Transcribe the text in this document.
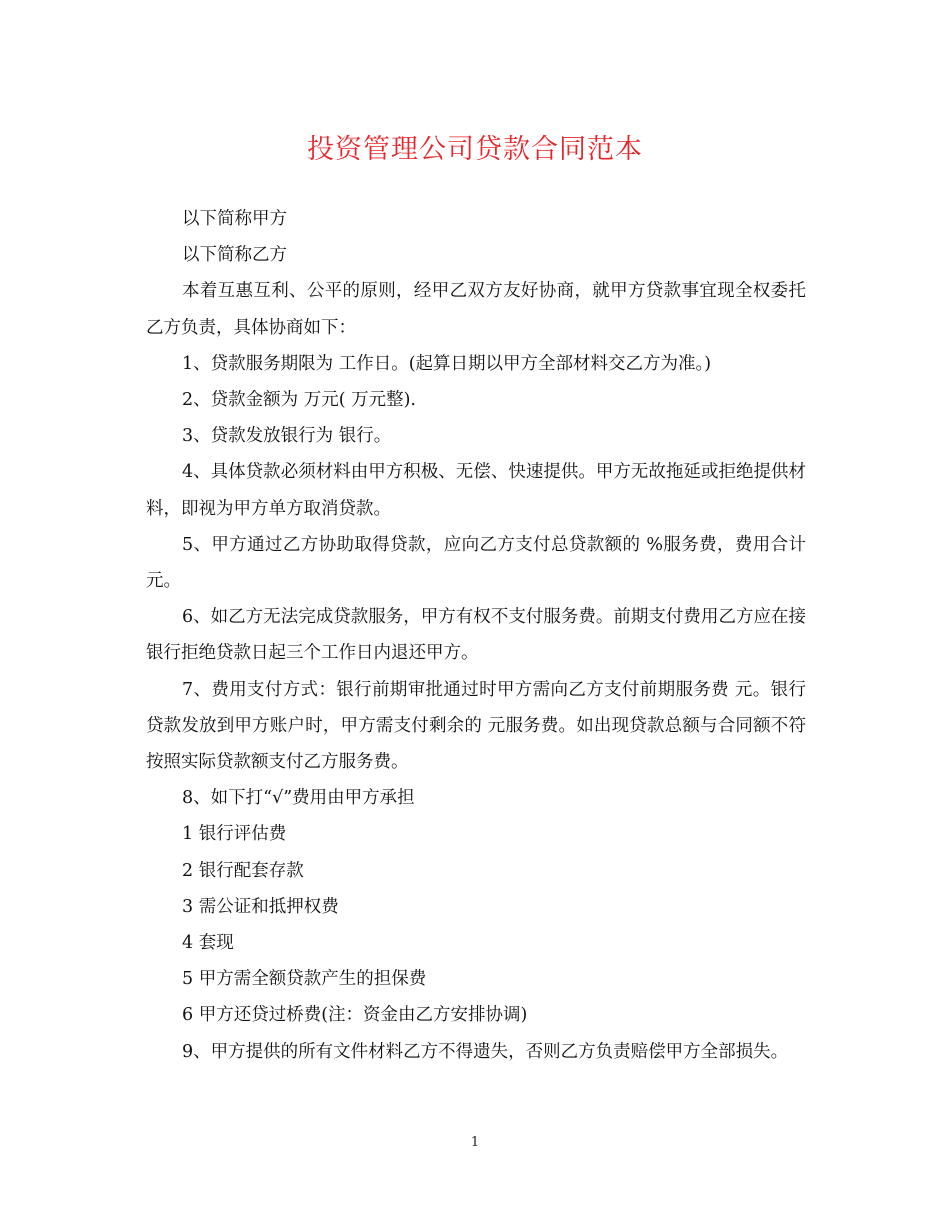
投资管理公司贷款合同范本

以下简称甲方

以下简称乙方

本着互惠互利、公平的原则，经甲乙双方友好协商，就甲方贷款事宜现全权委托乙方负责，具体协商如下：

1、贷款服务期限为 工作日。(起算日期以甲方全部材料交乙方为准。)

2、贷款金额为 万元( 万元整).

3、贷款发放银行为 银行。

4、具体贷款必须材料由甲方积极、无偿、快速提供。甲方无故拖延或拒绝提供材料，即视为甲方单方取消贷款。

5、甲方通过乙方协助取得贷款，应向乙方支付总贷款额的 %服务费，费用合计 元。

6、如乙方无法完成贷款服务，甲方有权不支付服务费。前期支付费用乙方应在接银行拒绝贷款日起三个工作日内退还甲方。

7、费用支付方式：银行前期审批通过时甲方需向乙方支付前期服务费 元。银行贷款发放到甲方账户时，甲方需支付剩余的 元服务费。如出现贷款总额与合同额不符按照实际贷款额支付乙方服务费。

8、如下打“√”费用由甲方承担

1 银行评估费

2 银行配套存款

3 需公证和抵押权费

4 套现

5 甲方需全额贷款产生的担保费

6 甲方还贷过桥费(注：资金由乙方安排协调)

9、甲方提供的所有文件材料乙方不得遗失，否则乙方负责赔偿甲方全部损失。

1
